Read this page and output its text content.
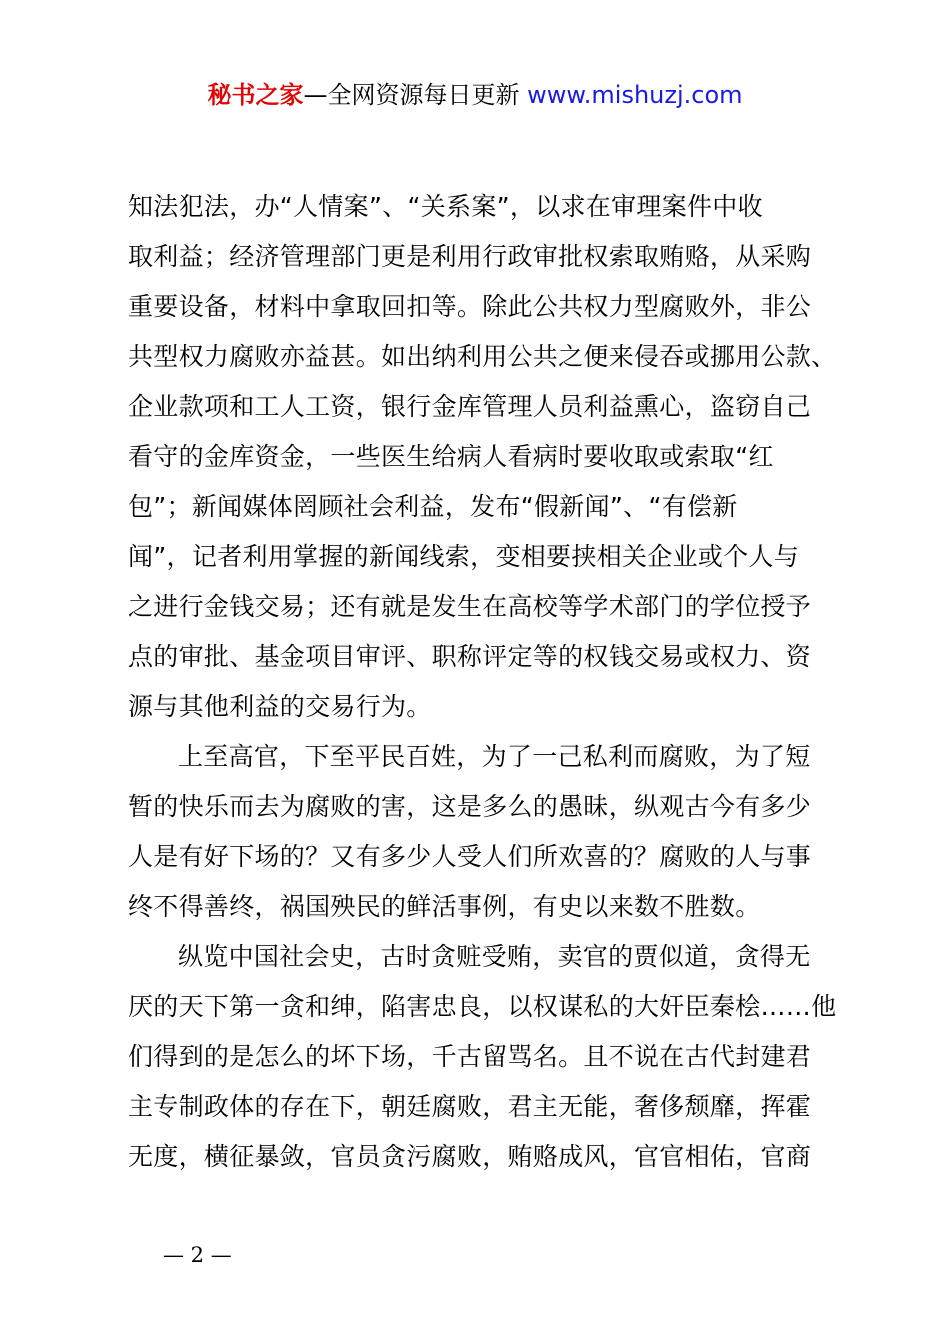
秘书之家—全网资源每日更新 www.mishuzj.com

知法犯法，办“人情案”、“关系案”，以求在审理案件中收
取利益；经济管理部门更是利用行政审批权索取贿赂，从采购
重要设备，材料中拿取回扣等。除此公共权力型腐败外，非公
共型权力腐败亦益甚。如出纳利用公共之便来侵吞或挪用公款、
企业款项和工人工资，银行金库管理人员利益熏心，盗窃自己
看守的金库资金，一些医生给病人看病时要收取或索取“红
包”；新闻媒体罔顾社会利益，发布“假新闻”、“有偿新
闻”，记者利用掌握的新闻线索，变相要挟相关企业或个人与
之进行金钱交易；还有就是发生在高校等学术部门的学位授予
点的审批、基金项目审评、职称评定等的权钱交易或权力、资
源与其他利益的交易行为。

上至高官，下至平民百姓，为了一己私利而腐败，为了短
暂的快乐而去为腐败的害，这是多么的愚昧，纵观古今有多少
人是有好下场的？又有多少人受人们所欢喜的？腐败的人与事
终不得善终，祸国殃民的鲜活事例，有史以来数不胜数。

纵览中国社会史，古时贪赃受贿，卖官的贾似道，贪得无
厌的天下第一贪和绅，陷害忠良，以权谋私的大奸臣秦桧……他
们得到的是怎么的坏下场，千古留骂名。且不说在古代封建君
主专制政体的存在下，朝廷腐败，君主无能，奢侈颓靡，挥霍
无度，横征暴敛，官员贪污腐败，贿赂成风，官官相佑，官商

— 2 —
